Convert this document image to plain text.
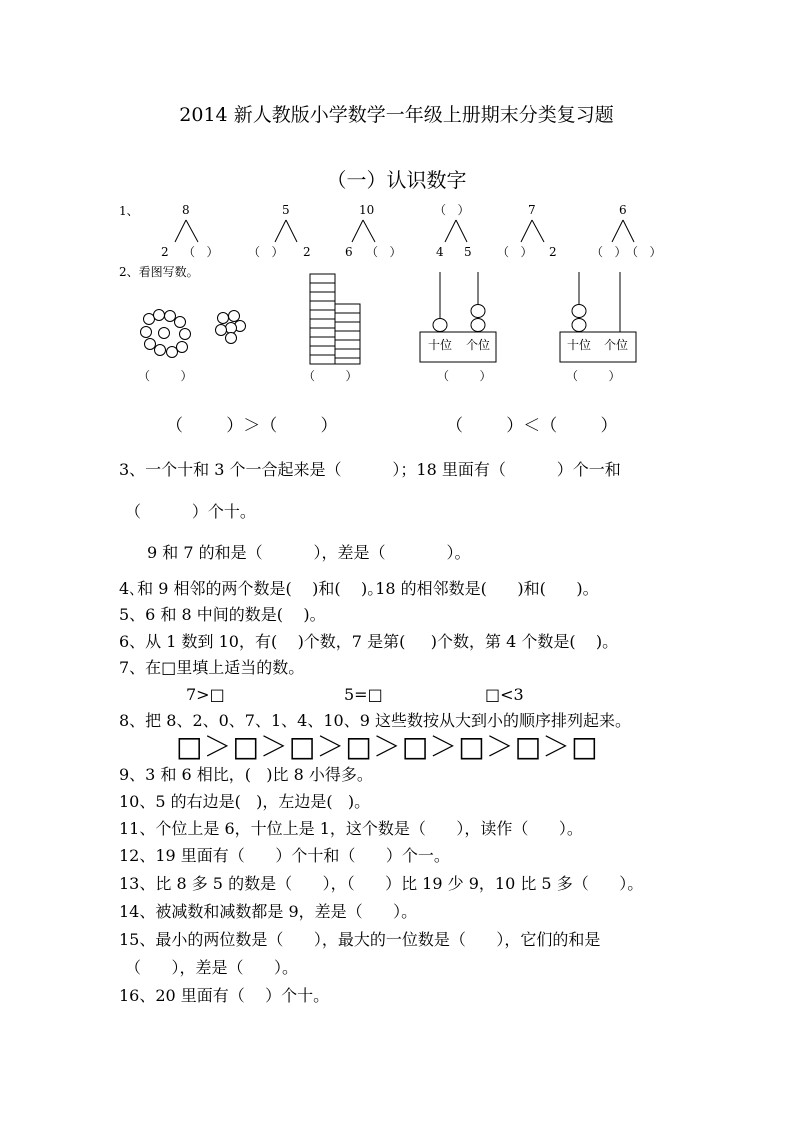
2014 新人教版小学数学一年级上册期末分类复习题
（一）认识数字
1、	8
2 （   ）
5
（   ） 2
10
6 （   ）
（   ）
4 5
7
（   ） 2
6
（   ） （   ）
2、看图写数。
（        ）	（        ）
十位 个位
（        ）
十位 个位
（        ）
（        ）＞（        ）	（        ）＜（        ）
3、一个十和 3 个一合起来是（          ）；18 里面有（          ）个一和
（          ）个十。
9 和 7 的和是（          ），差是（            ）。
4､和 9 相邻的两个数是(    )和(    )｡18 的相邻数是(      )和(      )｡
5、6 和 8 中间的数是(    )。
6、从 1 数到 10，有(    )个数，7 是第(     )个数，第 4 个数是(    )。
7、在□里填上适当的数。
7>□	5=□	□<3
8、把 8、2、0、7、1、4、10、9 这些数按从大到小的顺序排列起来。
□＞□＞□＞□＞□＞□＞□＞□
9、3 和 6 相比，(   )比 8 小得多。
10、5 的右边是(   )，左边是(   )。
11、个位上是 6，十位上是 1，这个数是（      ），读作（      ）。
12、19 里面有（      ）个十和（      ）个一。
13、比 8 多 5 的数是（      ），（      ）比 19 少 9，10 比 5 多（      ）。
14、被减数和减数都是 9，差是（      ）。
15、最小的两位数是（      ），最大的一位数是（      ），它们的和是
（      ），差是（      ）。
16、20 里面有（    ）个十。
